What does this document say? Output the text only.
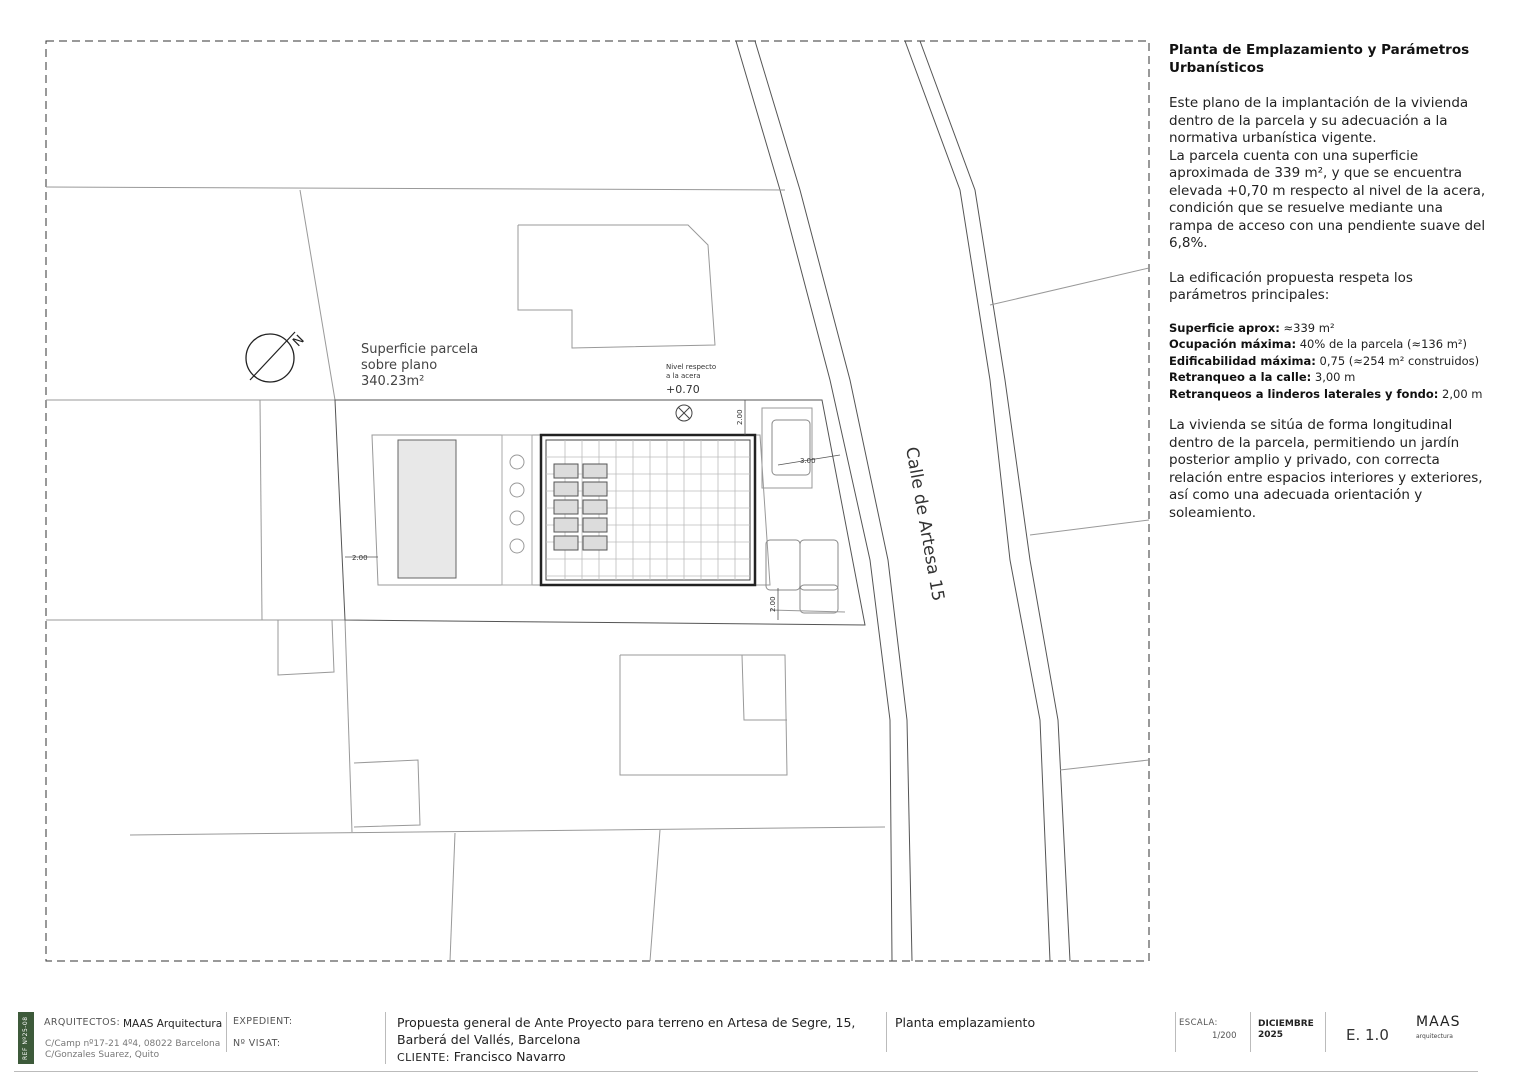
Nivel respecto
a la acera
+0.70
2.00
2.00
3.00
2.00
N	Superficie parcela
sobre plano
340.23m²
Calle de Artesa 15
Planta de Emplazamiento y Parámetros Urbanísticos

Este plano de la implantación de la vivienda dentro de la parcela y su adecuación a la normativa urbanística vigente.

La parcela cuenta con una superficie aproximada de 339 m², y que se encuentra elevada +0,70 m respecto al nivel de la acera, condición que se resuelve mediante una rampa de acceso con una pendiente suave del 6,8%.

La edificación propuesta respeta los parámetros principales:

Superficie aprox: ≈339 m²
Ocupación máxima: 40% de la parcela (≈136 m²)
Edificabilidad máxima: 0,75 (≈254 m² construidos)
Retranqueo a la calle: 3,00 m
Retranqueos a linderos laterales y fondo: 2,00 m

La vivienda se sitúa de forma longitudinal dentro de la parcela, permitiendo un jardín posterior amplio y privado, con correcta relación entre espacios interiores y exteriores, así como una adecuada orientación y soleamiento.

REF Nº25-08	ARQUITECTOS: MAAS Arquitectura
C/Camp nº17-21 4º4, 08022 Barcelona
C/Gonzales Suarez, Quito
EXPEDIENT:
Nº VISAT:
Propuesta general de Ante Proyecto para terreno en Artesa de Segre, 15,
Barberá del Vallés, Barcelona
CLIENTE: Francisco Navarro
Planta emplazamiento	ESCALA:
1/200
DICIEMBRE
2025	E. 1.0
MAAS
arquitectura
